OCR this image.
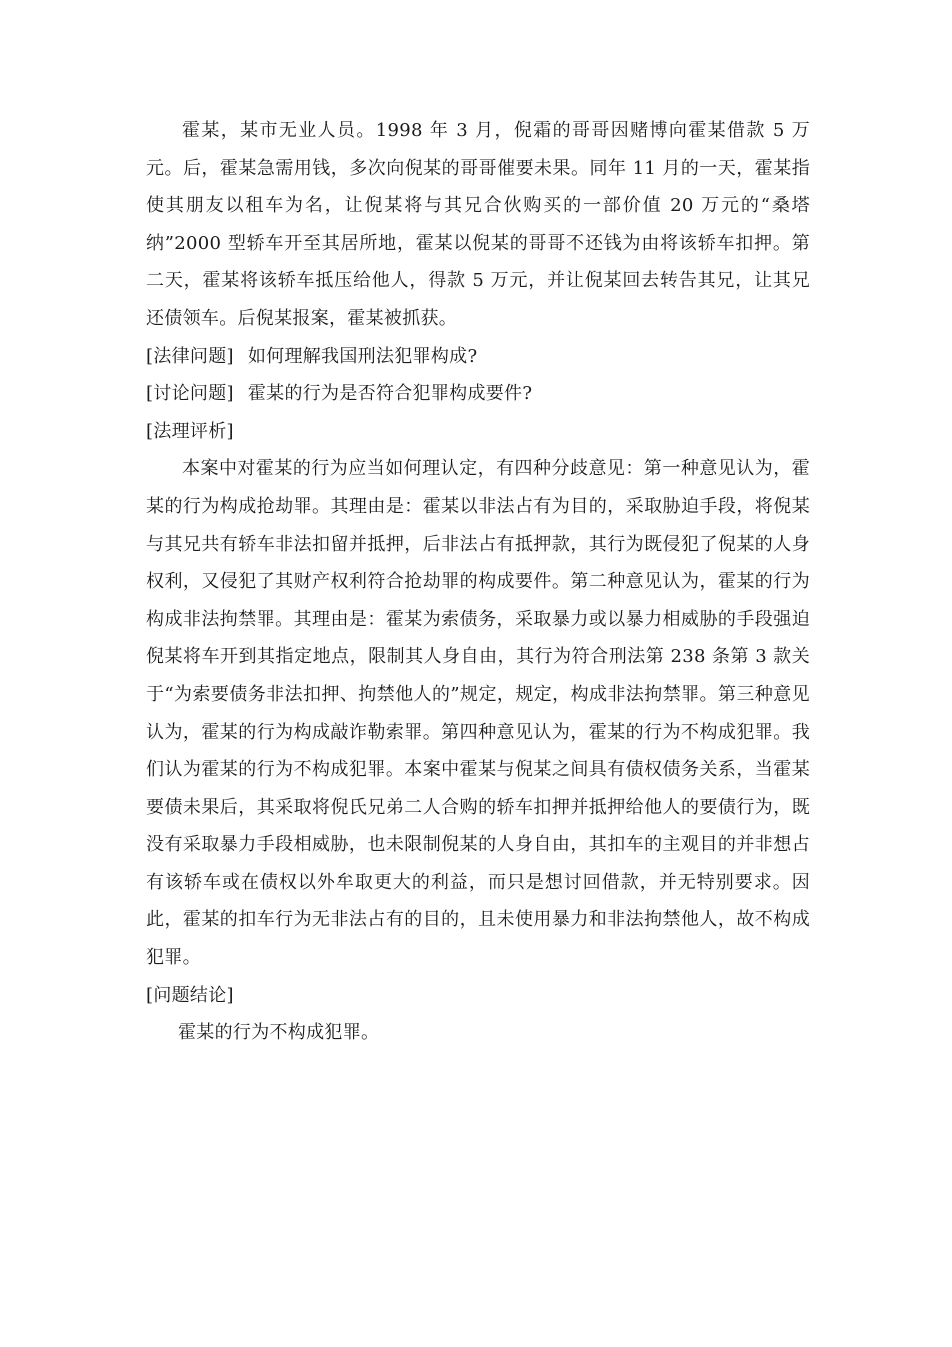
霍某，某市无业人员。1998 年 3 月，倪霜的哥哥因赌博向霍某借款 5 万元。后，霍某急需用钱，多次向倪某的哥哥催要未果。同年 11 月的一天，霍某指使其朋友以租车为名，让倪某将与其兄合伙购买的一部价值 20 万元的“桑塔纳”2000 型轿车开至其居所地，霍某以倪某的哥哥不还钱为由将该轿车扣押。第二天，霍某将该轿车抵压给他人，得款 5 万元，并让倪某回去转告其兄，让其兄还债领车。后倪某报案，霍某被抓获。

[法律问题] 如何理解我国刑法犯罪构成?

[讨论问题] 霍某的行为是否符合犯罪构成要件?

[法理评析]

本案中对霍某的行为应当如何理认定，有四种分歧意见：第一种意见认为，霍某的行为构成抢劫罪。其理由是：霍某以非法占有为目的，采取胁迫手段，将倪某与其兄共有轿车非法扣留并抵押，后非法占有抵押款，其行为既侵犯了倪某的人身权利，又侵犯了其财产权利符合抢劫罪的构成要件。第二种意见认为，霍某的行为构成非法拘禁罪。其理由是：霍某为索债务，采取暴力或以暴力相威胁的手段强迫倪某将车开到其指定地点，限制其人身自由，其行为符合刑法第 238 条第 3 款关于“为索要债务非法扣押、拘禁他人的”规定，规定，构成非法拘禁罪。第三种意见认为，霍某的行为构成敲诈勒索罪。第四种意见认为，霍某的行为不构成犯罪。我们认为霍某的行为不构成犯罪。本案中霍某与倪某之间具有债权债务关系，当霍某要债未果后，其采取将倪氏兄弟二人合购的轿车扣押并抵押给他人的要债行为，既没有采取暴力手段相威胁，也未限制倪某的人身自由，其扣车的主观目的并非想占有该轿车或在债权以外牟取更大的利益，而只是想讨回借款，并无特别要求。因此，霍某的扣车行为无非法占有的目的，且未使用暴力和非法拘禁他人，故不构成犯罪。

[问题结论]

霍某的行为不构成犯罪。
